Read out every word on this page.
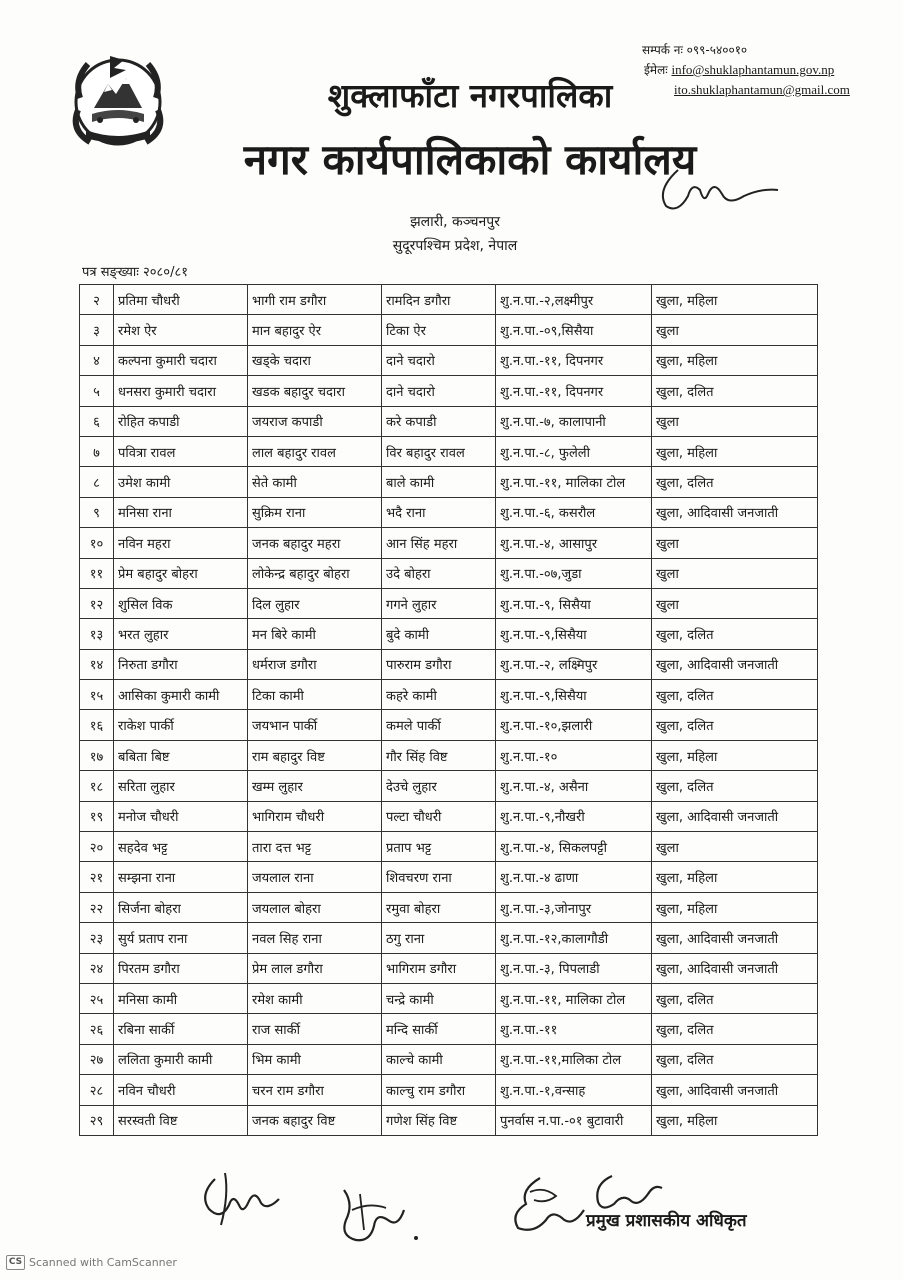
सम्पर्क नः ०९९-५४००१०
ईमेलः info@shuklaphantamun.gov.np
ito.shuklaphantamun@gmail.com
शुक्लाफाँटा नगरपालिका
नगर कार्यपालिकाको कार्यालय
झलारी, कञ्चनपुर
सुदूरपश्चिम प्रदेश, नेपाल
पत्र सङ्ख्याः २०८०/८१
२	प्रतिमा चौधरी	भागी राम डगौरा	रामदिन डगौरा	शु.न.पा.-२,लक्ष्मीपुर	खुला, महिला
३	रमेश ऐर	मान बहादुर ऐर	टिका ऐर	शु.न.पा.-०९,सिसैया	खुला
४	कल्पना कुमारी चदारा	खड्के चदारा	दाने चदारो	शु.न.पा.-११, दिपनगर	खुला, महिला
५	धनसरा कुमारी चदारा	खडक बहादुर चदारा	दाने चदारो	शु.न.पा.-११, दिपनगर	खुला, दलित
६	रोहित कपाडी	जयराज कपाडी	करे कपाडी	शु.न.पा.-७, कालापानी	खुला
७	पवित्रा रावल	लाल बहादुर रावल	विर बहादुर रावल	शु.न.पा.-८, फुलेली	खुला, महिला
८	उमेश कामी	सेते कामी	बाले कामी	शु.न.पा.-११, मालिका टोल	खुला, दलित
९	मनिसा राना	सुक्रिम राना	भदै राना	शु.न.पा.-६, कसरौल	खुला, आदिवासी जनजाती
१०	नविन महरा	जनक बहादुर महरा	आन सिंह महरा	शु.न.पा.-४, आसापुर	खुला
११	प्रेम बहादुर बोहरा	लोकेन्द्र बहादुर बोहरा	उदे बोहरा	शु.न.पा.-०७,जुडा	खुला
१२	शुसिल विक	दिल लुहार	गगने लुहार	शु.न.पा.-९, सिसैया	खुला
१३	भरत लुहार	मन बिरे कामी	बुदे कामी	शु.न.पा.-९,सिसैया	खुला, दलित
१४	निरुता डगौरा	धर्मराज डगौरा	पारुराम डगौरा	शु.न.पा.-२, लक्ष्मिपुर	खुला, आदिवासी जनजाती
१५	आसिका कुमारी कामी	टिका कामी	कहरे कामी	शु.न.पा.-९,सिसैया	खुला, दलित
१६	राकेश पार्की	जयभान पार्की	कमले पार्की	शु.न.पा.-१०,झलारी	खुला, दलित
१७	बबिता बिष्ट	राम बहादुर विष्ट	गौर सिंह विष्ट	शु.न.पा.-१०	खुला, महिला
१८	सरिता लुहार	खम्म लुहार	देउचे लुहार	शु.न.पा.-४, असैना	खुला, दलित
१९	मनोज चौधरी	भागिराम चौधरी	पल्टा चौधरी	शु.न.पा.-९,नौखरी	खुला, आदिवासी जनजाती
२०	सहदेव भट्ट	तारा दत्त भट्ट	प्रताप भट्ट	शु.न.पा.-४, सिकलपट्टी	खुला
२१	सम्झना राना	जयलाल राना	शिवचरण राना	शु.न.पा.-४ ढाणा	खुला, महिला
२२	सिर्जना बोहरा	जयलाल बोहरा	रमुवा बोहरा	शु.न.पा.-३,जोनापुर	खुला, महिला
२३	सुर्य प्रताप राना	नवल सिह राना	ठगु राना	शु.न.पा.-१२,कालागौडी	खुला, आदिवासी जनजाती
२४	पिरतम डगौरा	प्रेम लाल डगौरा	भागिराम डगौरा	शु.न.पा.-३, पिपलाडी	खुला, आदिवासी जनजाती
२५	मनिसा कामी	रमेश कामी	चन्द्रे कामी	शु.न.पा.-११, मालिका टोल	खुला, दलित
२६	रबिना सार्की	राज सार्की	मन्दि सार्की	शु.न.पा.-११	खुला, दलित
२७	ललिता कुमारी कामी	भिम कामी	काल्चे कामी	शु.न.पा.-११,मालिका टोल	खुला, दलित
२८	नविन चौधरी	चरन राम डगौरा	काल्चु राम डगौरा	शु.न.पा.-१,वन्साह	खुला, आदिवासी जनजाती
२९	सरस्वती विष्ट	जनक बहादुर विष्ट	गणेश सिंह विष्ट	पुनर्वास न.पा.-०१ बुटावारी	खुला, महिला
प्रमुख प्रशासकीय अधिकृत
CS Scanned with CamScanner
